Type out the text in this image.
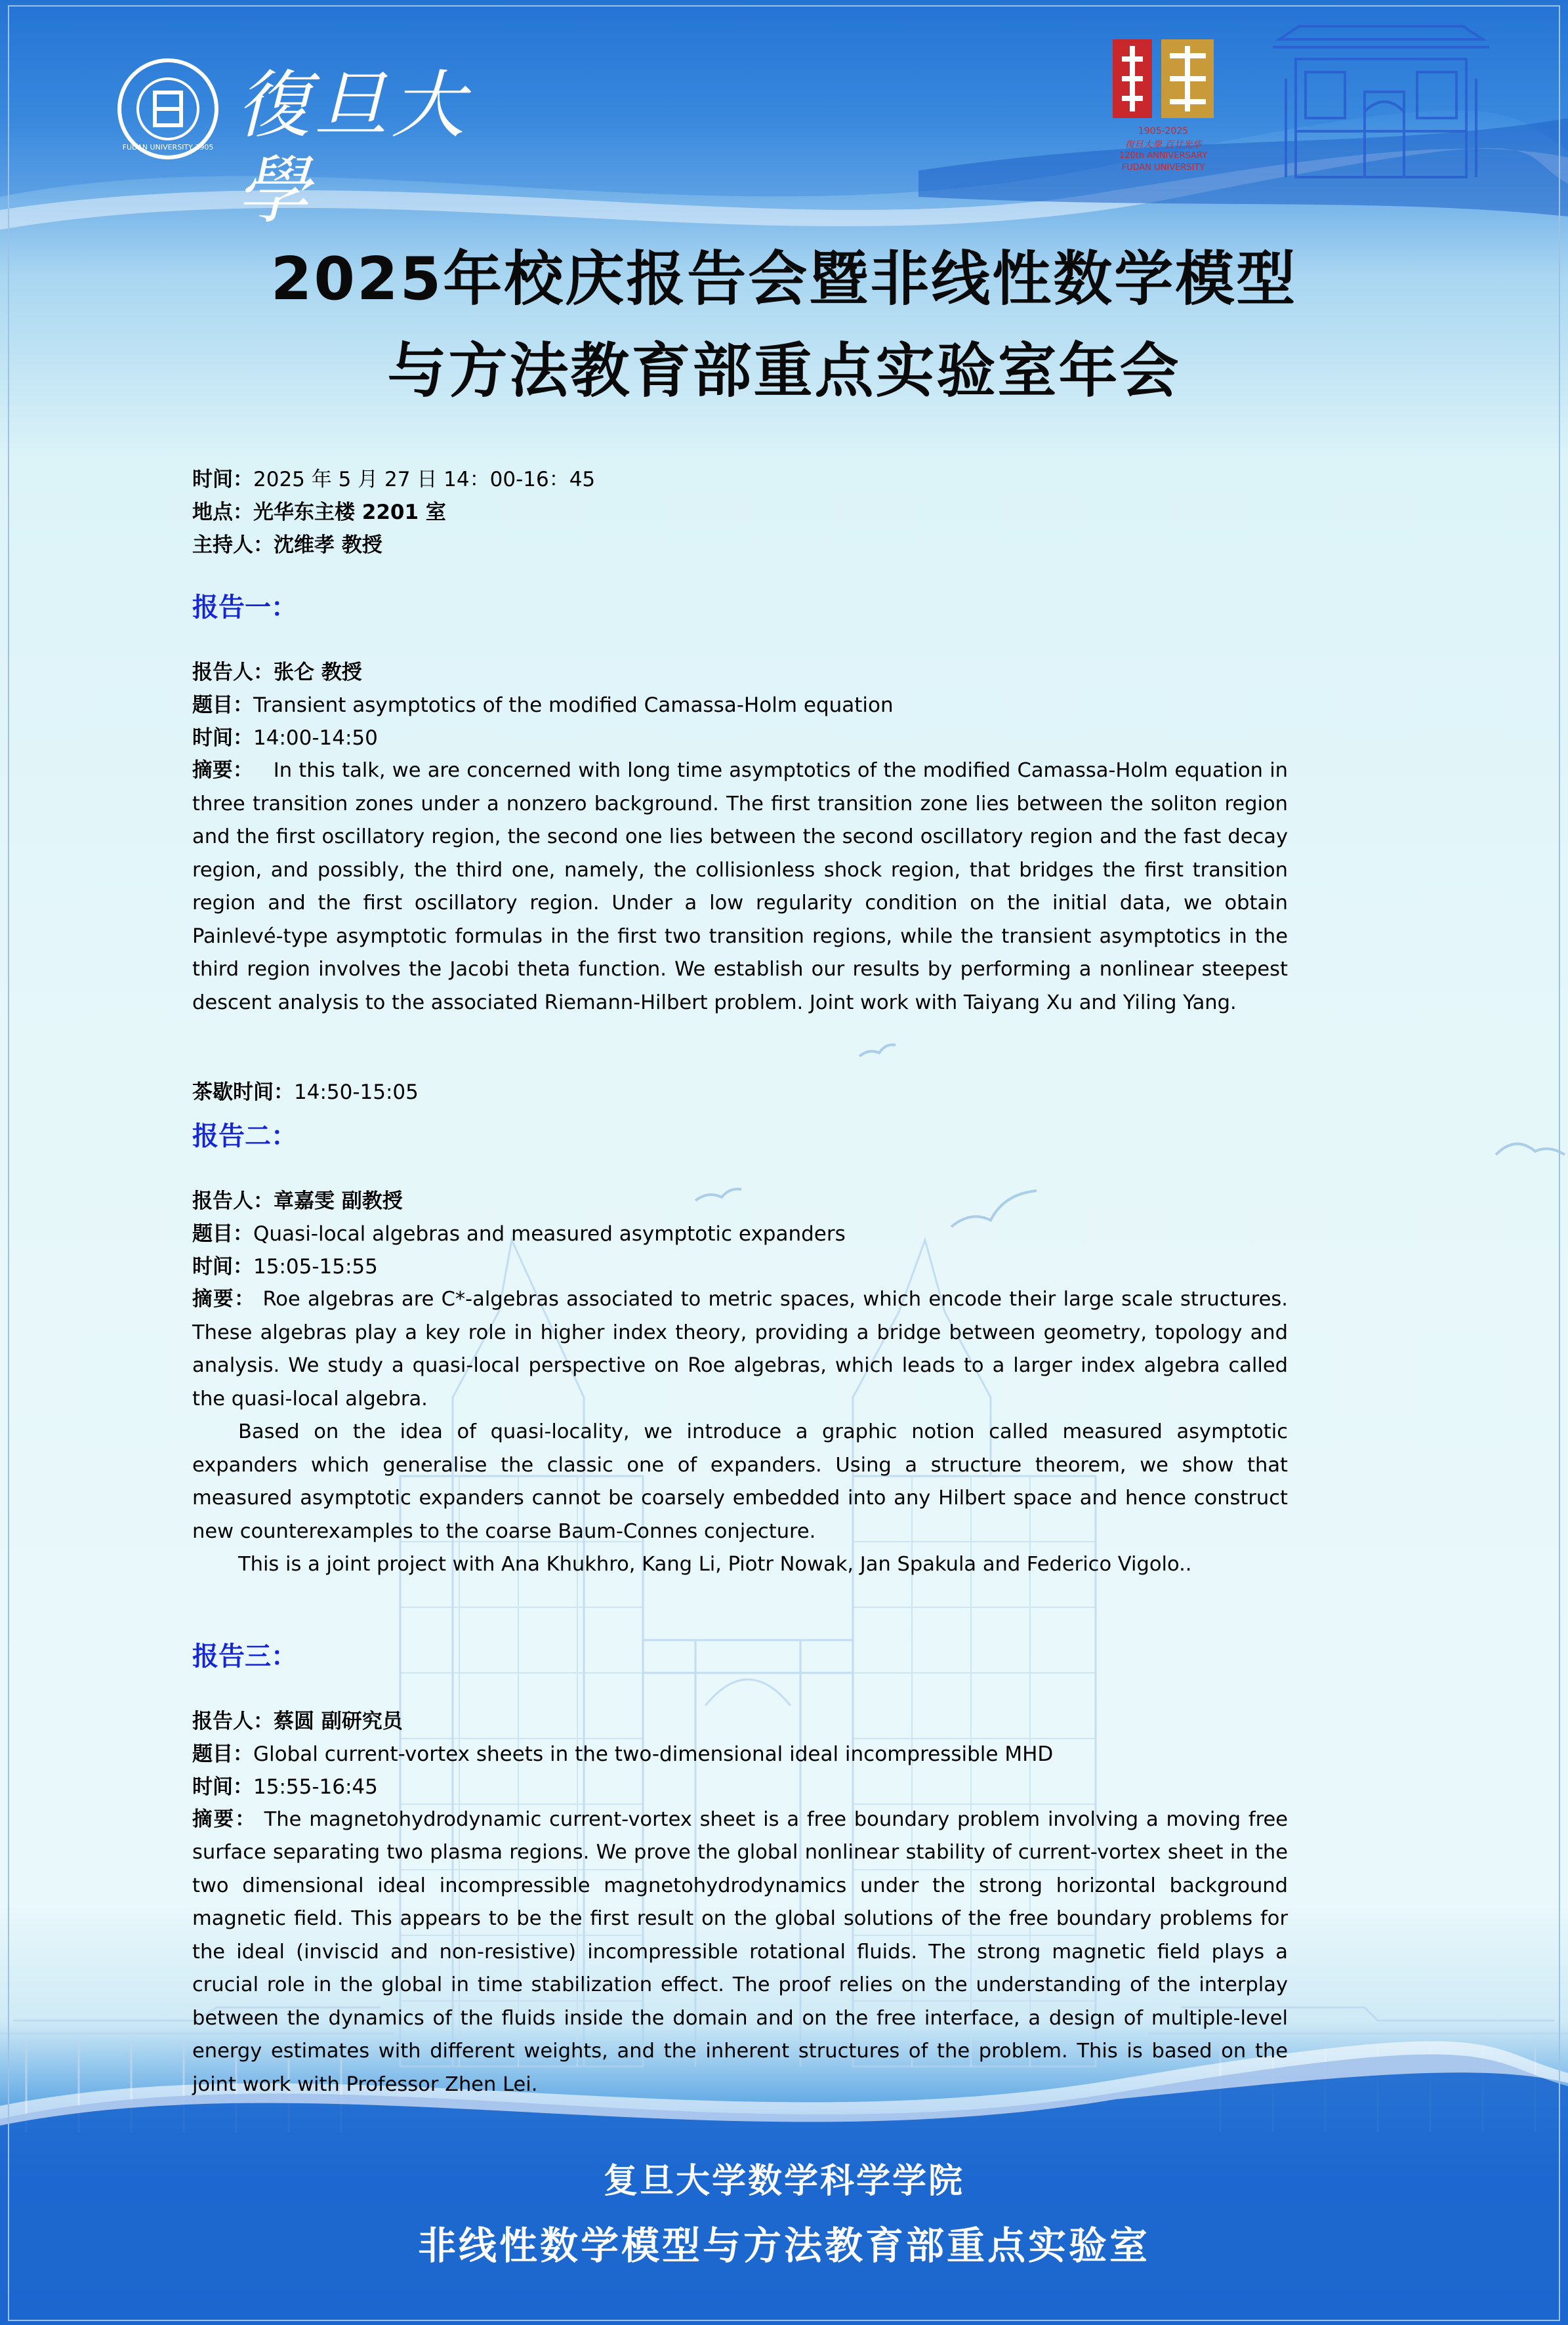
FUDAN UNIVERSITY 1905 復旦大學
1905-2025
復旦大學 百廿光华
120th ANNIVERSARY
FUDAN UNIVERSITY
2025年校庆报告会暨非线性数学模型
与方法教育部重点实验室年会
时间：2025 年 5 月 27 日 14：00-16：45
地点：光华东主楼 2201 室
主持人：沈维孝 教授
报告一：
报告人：张仑 教授
题目：Transient asymptotics of the modified Camassa-Holm equation
时间：14:00-14:50
摘要： In this talk, we are concerned with long time asymptotics of the modified Camassa-Holm equation in three transition zones under a nonzero background. The first transition zone lies between the soliton region and the first oscillatory region, the second one lies between the second oscillatory region and the fast decay region, and possibly, the third one, namely, the collisionless shock region, that bridges the first transition region and the first oscillatory region. Under a low regularity condition on the initial data, we obtain Painlevé-type asymptotic formulas in the first two transition regions, while the transient asymptotics in the third region involves the Jacobi theta function. We establish our results by performing a nonlinear steepest descent analysis to the associated Riemann-Hilbert problem. Joint work with Taiyang Xu and Yiling Yang.
茶歇时间：14:50-15:05
报告二：
报告人：章嘉雯 副教授
题目：Quasi-local algebras and measured asymptotic expanders
时间：15:05-15:55
摘要： Roe algebras are C*-algebras associated to metric spaces, which encode their large scale structures. These algebras play a key role in higher index theory, providing a bridge between geometry, topology and analysis. We study a quasi-local perspective on Roe algebras, which leads to a larger index algebra called the quasi-local algebra.
Based on the idea of quasi-locality, we introduce a graphic notion called measured asymptotic expanders which generalise the classic one of expanders. Using a structure theorem, we show that measured asymptotic expanders cannot be coarsely embedded into any Hilbert space and hence construct new counterexamples to the coarse Baum-Connes conjecture.
This is a joint project with Ana Khukhro, Kang Li, Piotr Nowak, Jan Spakula and Federico Vigolo..
报告三：
报告人：蔡圆 副研究员
题目：Global current-vortex sheets in the two-dimensional ideal incompressible MHD
时间：15:55-16:45
摘要： The magnetohydrodynamic current-vortex sheet is a free boundary problem involving a moving free surface separating two plasma regions. We prove the global nonlinear stability of current-vortex sheet in the two dimensional ideal incompressible magnetohydrodynamics under the strong horizontal background magnetic field. This appears to be the first result on the global solutions of the free boundary problems for the ideal (inviscid and non-resistive) incompressible rotational fluids. The strong magnetic field plays a crucial role in the global in time stabilization effect. The proof relies on the understanding of the interplay between the dynamics of the fluids inside the domain and on the free interface, a design of multiple-level energy estimates with different weights, and the inherent structures of the problem. This is based on the joint work with Professor Zhen Lei.
复旦大学数学科学学院
非线性数学模型与方法教育部重点实验室
